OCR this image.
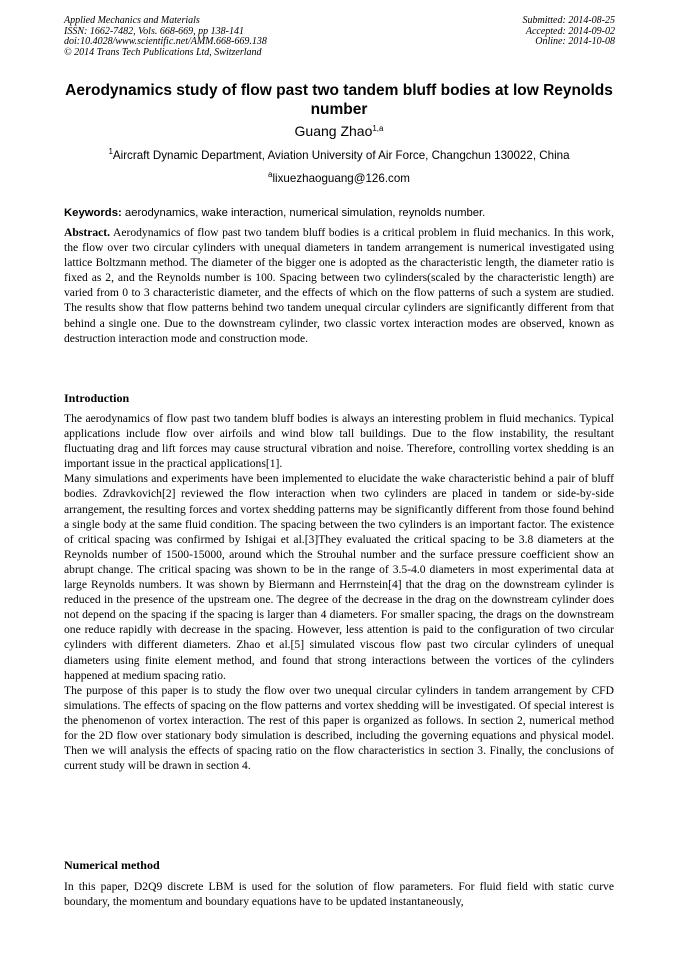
Applied Mechanics and Materials
ISSN: 1662-7482, Vols. 668-669, pp 138-141
doi:10.4028/www.scientific.net/AMM.668-669.138
© 2014 Trans Tech Publications Ltd, Switzerland
Submitted: 2014-08-25
Accepted: 2014-09-02
Online: 2014-10-08
Aerodynamics study of flow past two tandem bluff bodies at low Reynolds number
Guang Zhao$^{1,a}$
$^1$Aircraft Dynamic Department, Aviation University of Air Force, Changchun 130022, China
$^a$lixuezhaoguang@126.com
Keywords: aerodynamics, wake interaction, numerical simulation, reynolds number.
Abstract. Aerodynamics of flow past two tandem bluff bodies is a critical problem in fluid mechanics. In this work, the flow over two circular cylinders with unequal diameters in tandem arrangement is numerical investigated using lattice Boltzmann method. The diameter of the bigger one is adopted as the characteristic length, the diameter ratio is fixed as 2, and the Reynolds number is 100. Spacing between two cylinders(scaled by the characteristic length) are varied from 0 to 3 characteristic diameter, and the effects of which on the flow patterns of such a system are studied. The results show that flow patterns behind two tandem unequal circular cylinders are significantly different from that behind a single one. Due to the downstream cylinder, two classic vortex interaction modes are observed, known as destruction interaction mode and construction mode.
Introduction

The aerodynamics of flow past two tandem bluff bodies is always an interesting problem in fluid mechanics. Typical applications include flow over airfoils and wind blow tall buildings. Due to the flow instability, the resultant fluctuating drag and lift forces may cause structural vibration and noise. Therefore, controlling vortex shedding is an important issue in the practical applications[1].

Many simulations and experiments have been implemented to elucidate the wake characteristic behind a pair of bluff bodies. Zdravkovich[2] reviewed the flow interaction when two cylinders are placed in tandem or side-by-side arrangement, the resulting forces and vortex shedding patterns may be significantly different from those found behind a single body at the same fluid condition. The spacing between the two cylinders is an important factor. The existence of critical spacing was confirmed by Ishigai et al.[3]They evaluated the critical spacing to be 3.8 diameters at the Reynolds number of 1500-15000, around which the Strouhal number and the surface pressure coefficient show an abrupt change. The critical spacing was shown to be in the range of 3.5-4.0 diameters in most experimental data at large Reynolds numbers. It was shown by Biermann and Herrnstein[4] that the drag on the downstream cylinder is reduced in the presence of the upstream one. The degree of the decrease in the drag on the downstream cylinder does not depend on the spacing if the spacing is larger than 4 diameters. For smaller spacing, the drags on the downstream one reduce rapidly with decrease in the spacing. However, less attention is paid to the configuration of two circular cylinders with different diameters. Zhao et al.[5] simulated viscous flow past two circular cylinders of unequal diameters using finite element method, and found that strong interactions between the vortices of the cylinders happened at medium spacing ratio.

The purpose of this paper is to study the flow over two unequal circular cylinders in tandem arrangement by CFD simulations. The effects of spacing on the flow patterns and vortex shedding will be investigated. Of special interest is the phenomenon of vortex interaction. The rest of this paper is organized as follows. In section 2, numerical method for the 2D flow over stationary body simulation is described, including the governing equations and physical model. Then we will analysis the effects of spacing ratio on the flow characteristics in section 3. Finally, the conclusions of current study will be drawn in section 4.

Numerical method

In this paper, D2Q9 discrete LBM is used for the solution of flow parameters. For fluid field with static curve boundary, the momentum and boundary equations have to be updated instantaneously,
